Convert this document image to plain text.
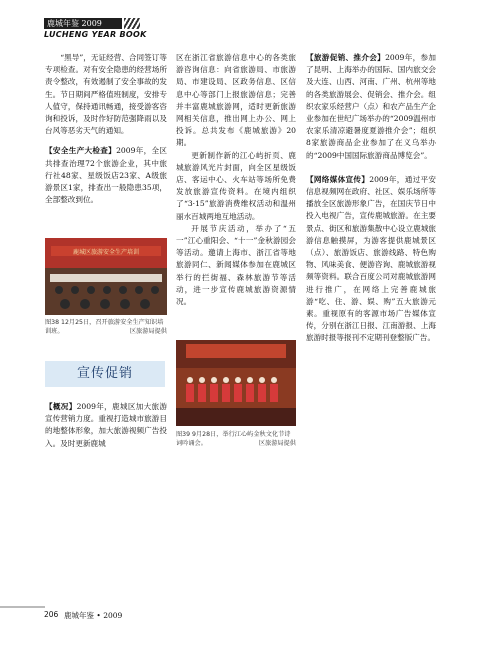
鹿城年鉴 2009
LUCHENG YEAR BOOK

“黑导”，无证经营、合同签订等专项检查。对有安全隐患的经营场所责令整改，有效遏制了安全事故的发生。节日期间严格值班制度，安排专人值守，保持通讯畅通，接受游客咨询和投诉，及时作好防范强降雨以及台风等恶劣天气的通知。

【安全生产大检查】2009年，全区共排查治理72个旅游企业，其中旅行社48家、星级饭店23家、A级旅游景区1家，排查出一般隐患35项，全部整改到位。

鹿城区旅游安全生产培训
图38 12月25日，召开旅游安全生产知识培训班。	区旅游局提供
宣传促销

【概况】2009年，鹿城区加大旅游宣传营销力度。重视打造城市旅游目的地整体形象，加大旅游视频广告投入。及时更新鹿城

区在浙江省旅游信息中心的各类旅游咨询信息：向省旅游局、市旅游局、市建设局、区政务信息、区信息中心等部门上报旅游信息；完善并丰富鹿城旅游网，适时更新旅游网相关信息，推出网上办公、网上投诉。总共发布《鹿城旅游》20期。

更新制作新的江心屿折页、鹿城旅游风光片封面，向全区星级饭店、客运中心、火车站等场所免费发放旅游宣传资料。在境内组织了“3·15”旅游消费维权活动和温州丽水百城两地互地活动。

开展节庆活动，举办了“五一”江心重阳会、“十一”金秋游园会等活动。邀请上海市、浙江省等地旅游同仁、新闻媒体参加在鹿城区举行的拦街福、森林旅游节等活动，进一步宣传鹿城旅游资源情况。

图39 9月28日，举行江心屿金秋文化节诗词吟诵会。	区旅游局提供

【旅游促销、推介会】2009年，参加了昆明、上海举办的国际、国内旅交会及大连、山西、河南、广州、杭州等地的各类旅游展会、促销会、推介会。组织农家乐经营户（点）和农产品生产企业参加在世纪广场举办的“2009温州市农家乐清凉避暑度夏游推介会”；组织8家旅游商品企业参加了在义乌举办的“2009中国国际旅游商品博览会”。

【网络媒体宣传】2009年，通过平安信息视频网在政府、社区、娱乐场所等播放全区旅游形象广告，在国庆节日中投入电视广告，宣传鹿城旅游。在主要景点、街区和旅游集散中心设立鹿城旅游信息触摸屏，为游客提供鹿城景区（点）、旅游饭店、旅游线路、特色购物、风味美食、便游咨询、鹿城旅游视频等资料。联合百度公司对鹿城旅游网进行推广，在网络上完善鹿城旅游“吃、住、游、娱、购”五大旅游元素。重视原有的客源市场广告媒体宣传，分别在浙江日报、江南游报、上海旅游时报等报刊不定期刊登整版广告。

206 鹿城年鉴 • 2009
